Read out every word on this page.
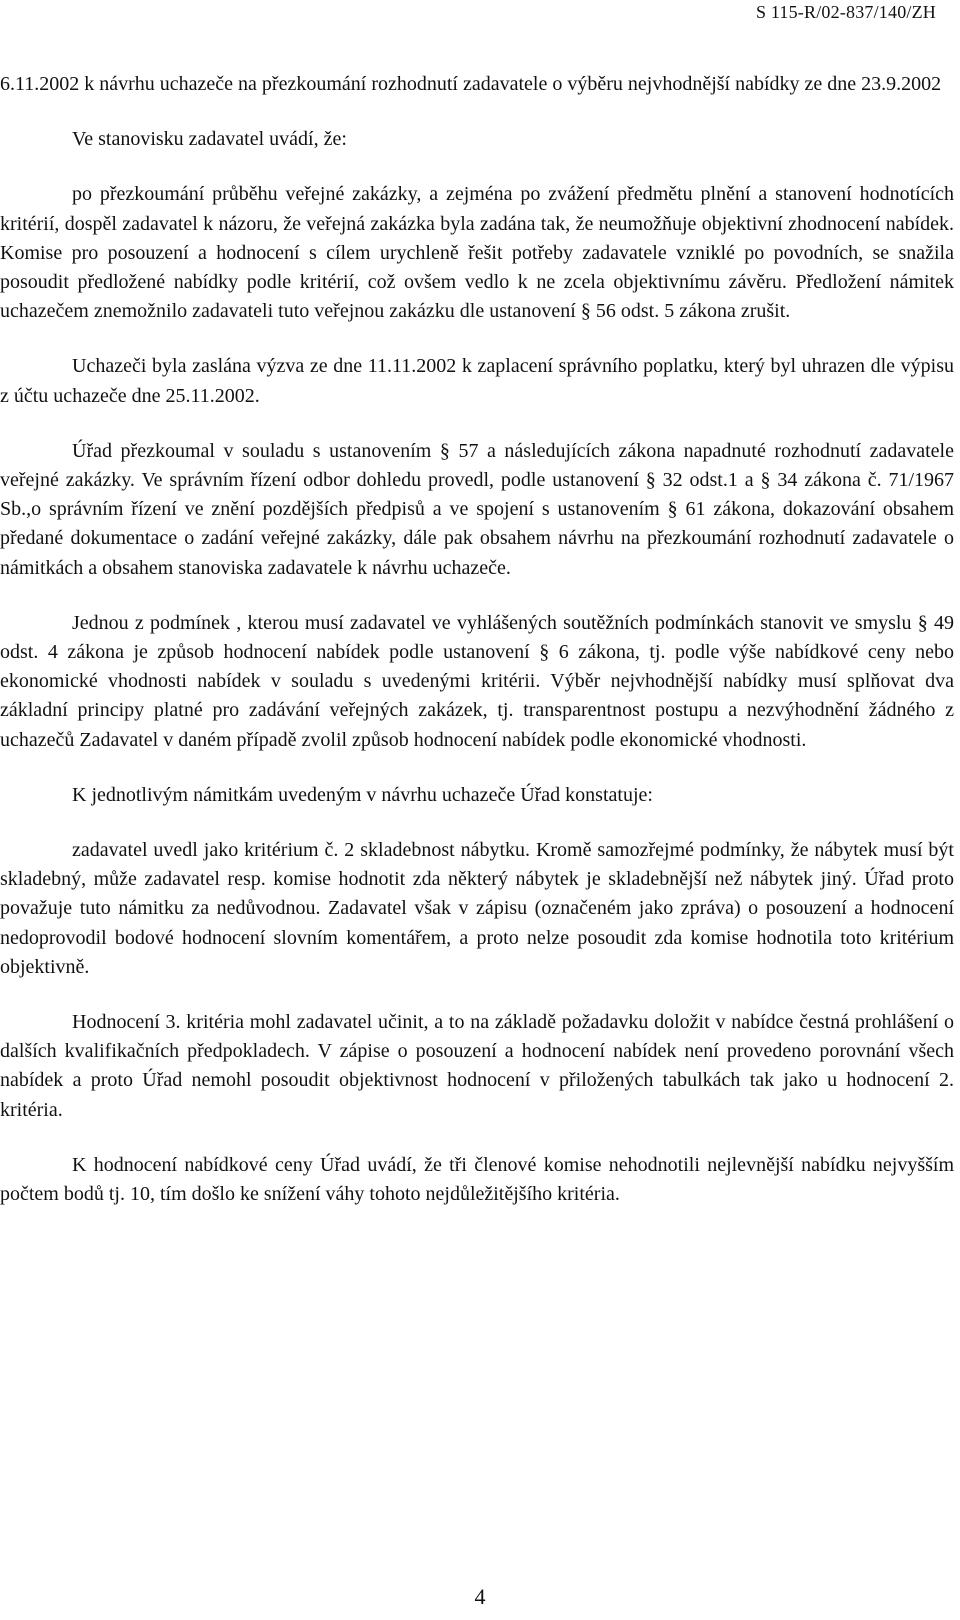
S 115-R/02-837/140/ZH

6.11.2002 k návrhu uchazeče na přezkoumání rozhodnutí zadavatele o výběru nejvhodnější nabídky ze dne 23.9.2002

Ve stanovisku zadavatel uvádí, že:

po přezkoumání průběhu veřejné zakázky, a zejména po zvážení předmětu plnění a stanovení hodnotících kritérií, dospěl zadavatel k názoru, že veřejná zakázka byla zadána tak, že neumožňuje objektivní zhodnocení nabídek. Komise pro posouzení a hodnocení s cílem urychleně řešit potřeby zadavatele vzniklé po povodních, se snažila posoudit předložené nabídky podle kritérií, což ovšem vedlo k ne zcela objektivnímu závěru. Předložení námitek uchazečem znemožnilo zadavateli tuto veřejnou zakázku dle ustanovení § 56 odst. 5 zákona zrušit.

Uchazeči byla zaslána výzva ze dne 11.11.2002 k zaplacení správního poplatku, který byl uhrazen dle výpisu z účtu uchazeče dne 25.11.2002.

Úřad přezkoumal v souladu s ustanovením § 57 a následujících zákona napadnuté rozhodnutí zadavatele veřejné zakázky. Ve správním řízení odbor dohledu provedl, podle ustanovení § 32 odst.1 a § 34 zákona č. 71/1967 Sb.,o správním řízení ve znění pozdějších předpisů a ve spojení s ustanovením § 61 zákona, dokazování obsahem předané dokumentace o zadání veřejné zakázky, dále pak obsahem návrhu na přezkoumání rozhodnutí zadavatele o námitkách a obsahem stanoviska zadavatele k návrhu uchazeče.

Jednou z podmínek , kterou musí zadavatel ve vyhlášených soutěžních podmínkách stanovit ve smyslu § 49 odst. 4 zákona je způsob hodnocení nabídek podle ustanovení § 6 zákona, tj. podle výše nabídkové ceny nebo ekonomické vhodnosti nabídek v souladu s uvedenými kritérii. Výběr nejvhodnější nabídky musí splňovat dva základní principy platné pro zadávání veřejných zakázek, tj. transparentnost postupu a nezvýhodnění žádného z uchazečů Zadavatel v daném případě zvolil způsob hodnocení nabídek podle ekonomické vhodnosti.

K jednotlivým námitkám uvedeným v návrhu uchazeče Úřad konstatuje:

zadavatel uvedl jako kritérium č. 2 skladebnost nábytku. Kromě samozřejmé podmínky, že nábytek musí být skladebný, může zadavatel resp. komise hodnotit zda některý nábytek je skladebnější než nábytek jiný. Úřad proto považuje tuto námitku za nedůvodnou. Zadavatel však v zápisu (označeném jako zpráva) o posouzení a hodnocení nedoprovodil bodové hodnocení slovním komentářem, a proto nelze posoudit zda komise hodnotila toto kritérium objektivně.

Hodnocení 3. kritéria mohl zadavatel učinit, a to na základě požadavku doložit v nabídce čestná prohlášení o dalších kvalifikačních předpokladech. V zápise o posouzení a hodnocení nabídek není provedeno porovnání všech nabídek a proto Úřad nemohl posoudit objektivnost hodnocení v přiložených tabulkách tak jako u hodnocení 2. kritéria.

K hodnocení nabídkové ceny Úřad uvádí, že tři členové komise nehodnotili nejlevnější nabídku nejvyšším počtem bodů tj. 10, tím došlo ke snížení váhy tohoto nejdůležitějšího kritéria.

4
